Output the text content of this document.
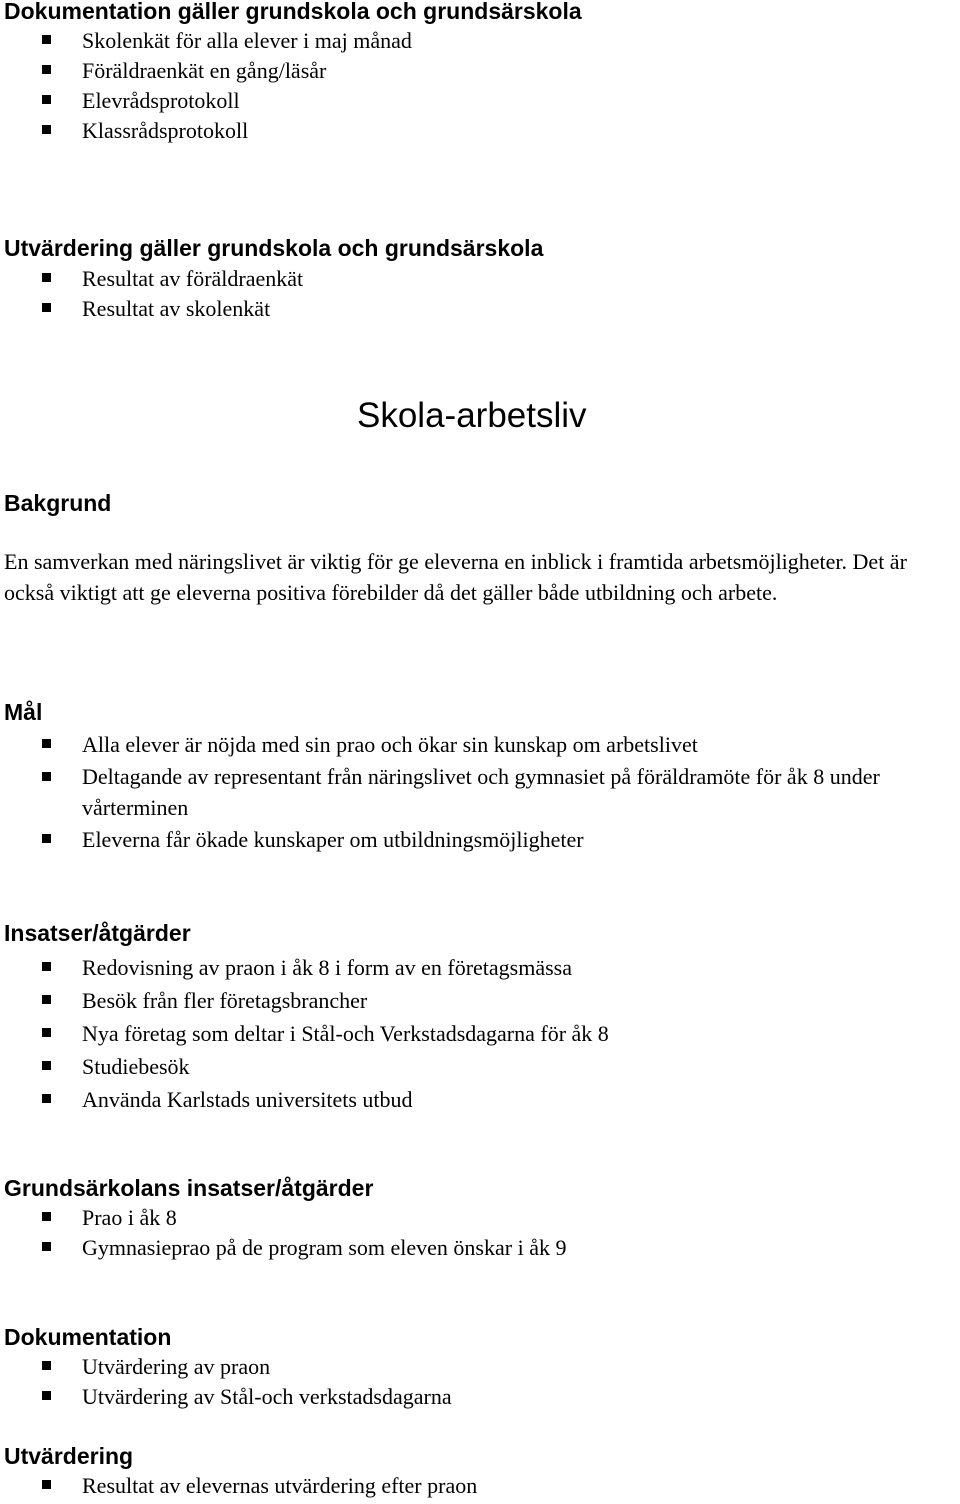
Dokumentation gäller grundskola och grundsärskola
Skolenkät för alla elever i maj månad
Föräldraenkät en gång/läsår
Elevrådsprotokoll
Klassrådsprotokoll
Utvärdering gäller grundskola och grundsärskola
Resultat av föräldraenkät
Resultat av skolenkät
Skola-arbetsliv
Bakgrund

En samverkan med näringslivet är viktig för ge eleverna en inblick i framtida arbetsmöjligheter. Det är också viktigt att ge eleverna positiva förebilder då det gäller både utbildning och arbete.

Mål
Alla elever är nöjda med sin prao och ökar sin kunskap om arbetslivet
Deltagande av representant från näringslivet och gymnasiet på föräldramöte för åk 8 under vårterminen
Eleverna får ökade kunskaper om utbildningsmöjligheter
Insatser/åtgärder
Redovisning av praon i åk 8 i form av en företagsmässa
Besök från fler företagsbrancher
Nya företag som deltar i Stål-och Verkstadsdagarna för åk 8
Studiebesök
Använda Karlstads universitets utbud
Grundsärkolans insatser/åtgärder
Prao i åk 8
Gymnasieprao på de program som eleven önskar i åk 9
Dokumentation
Utvärdering av praon
Utvärdering av Stål-och verkstadsdagarna
Utvärdering
Resultat av elevernas utvärdering efter praon
